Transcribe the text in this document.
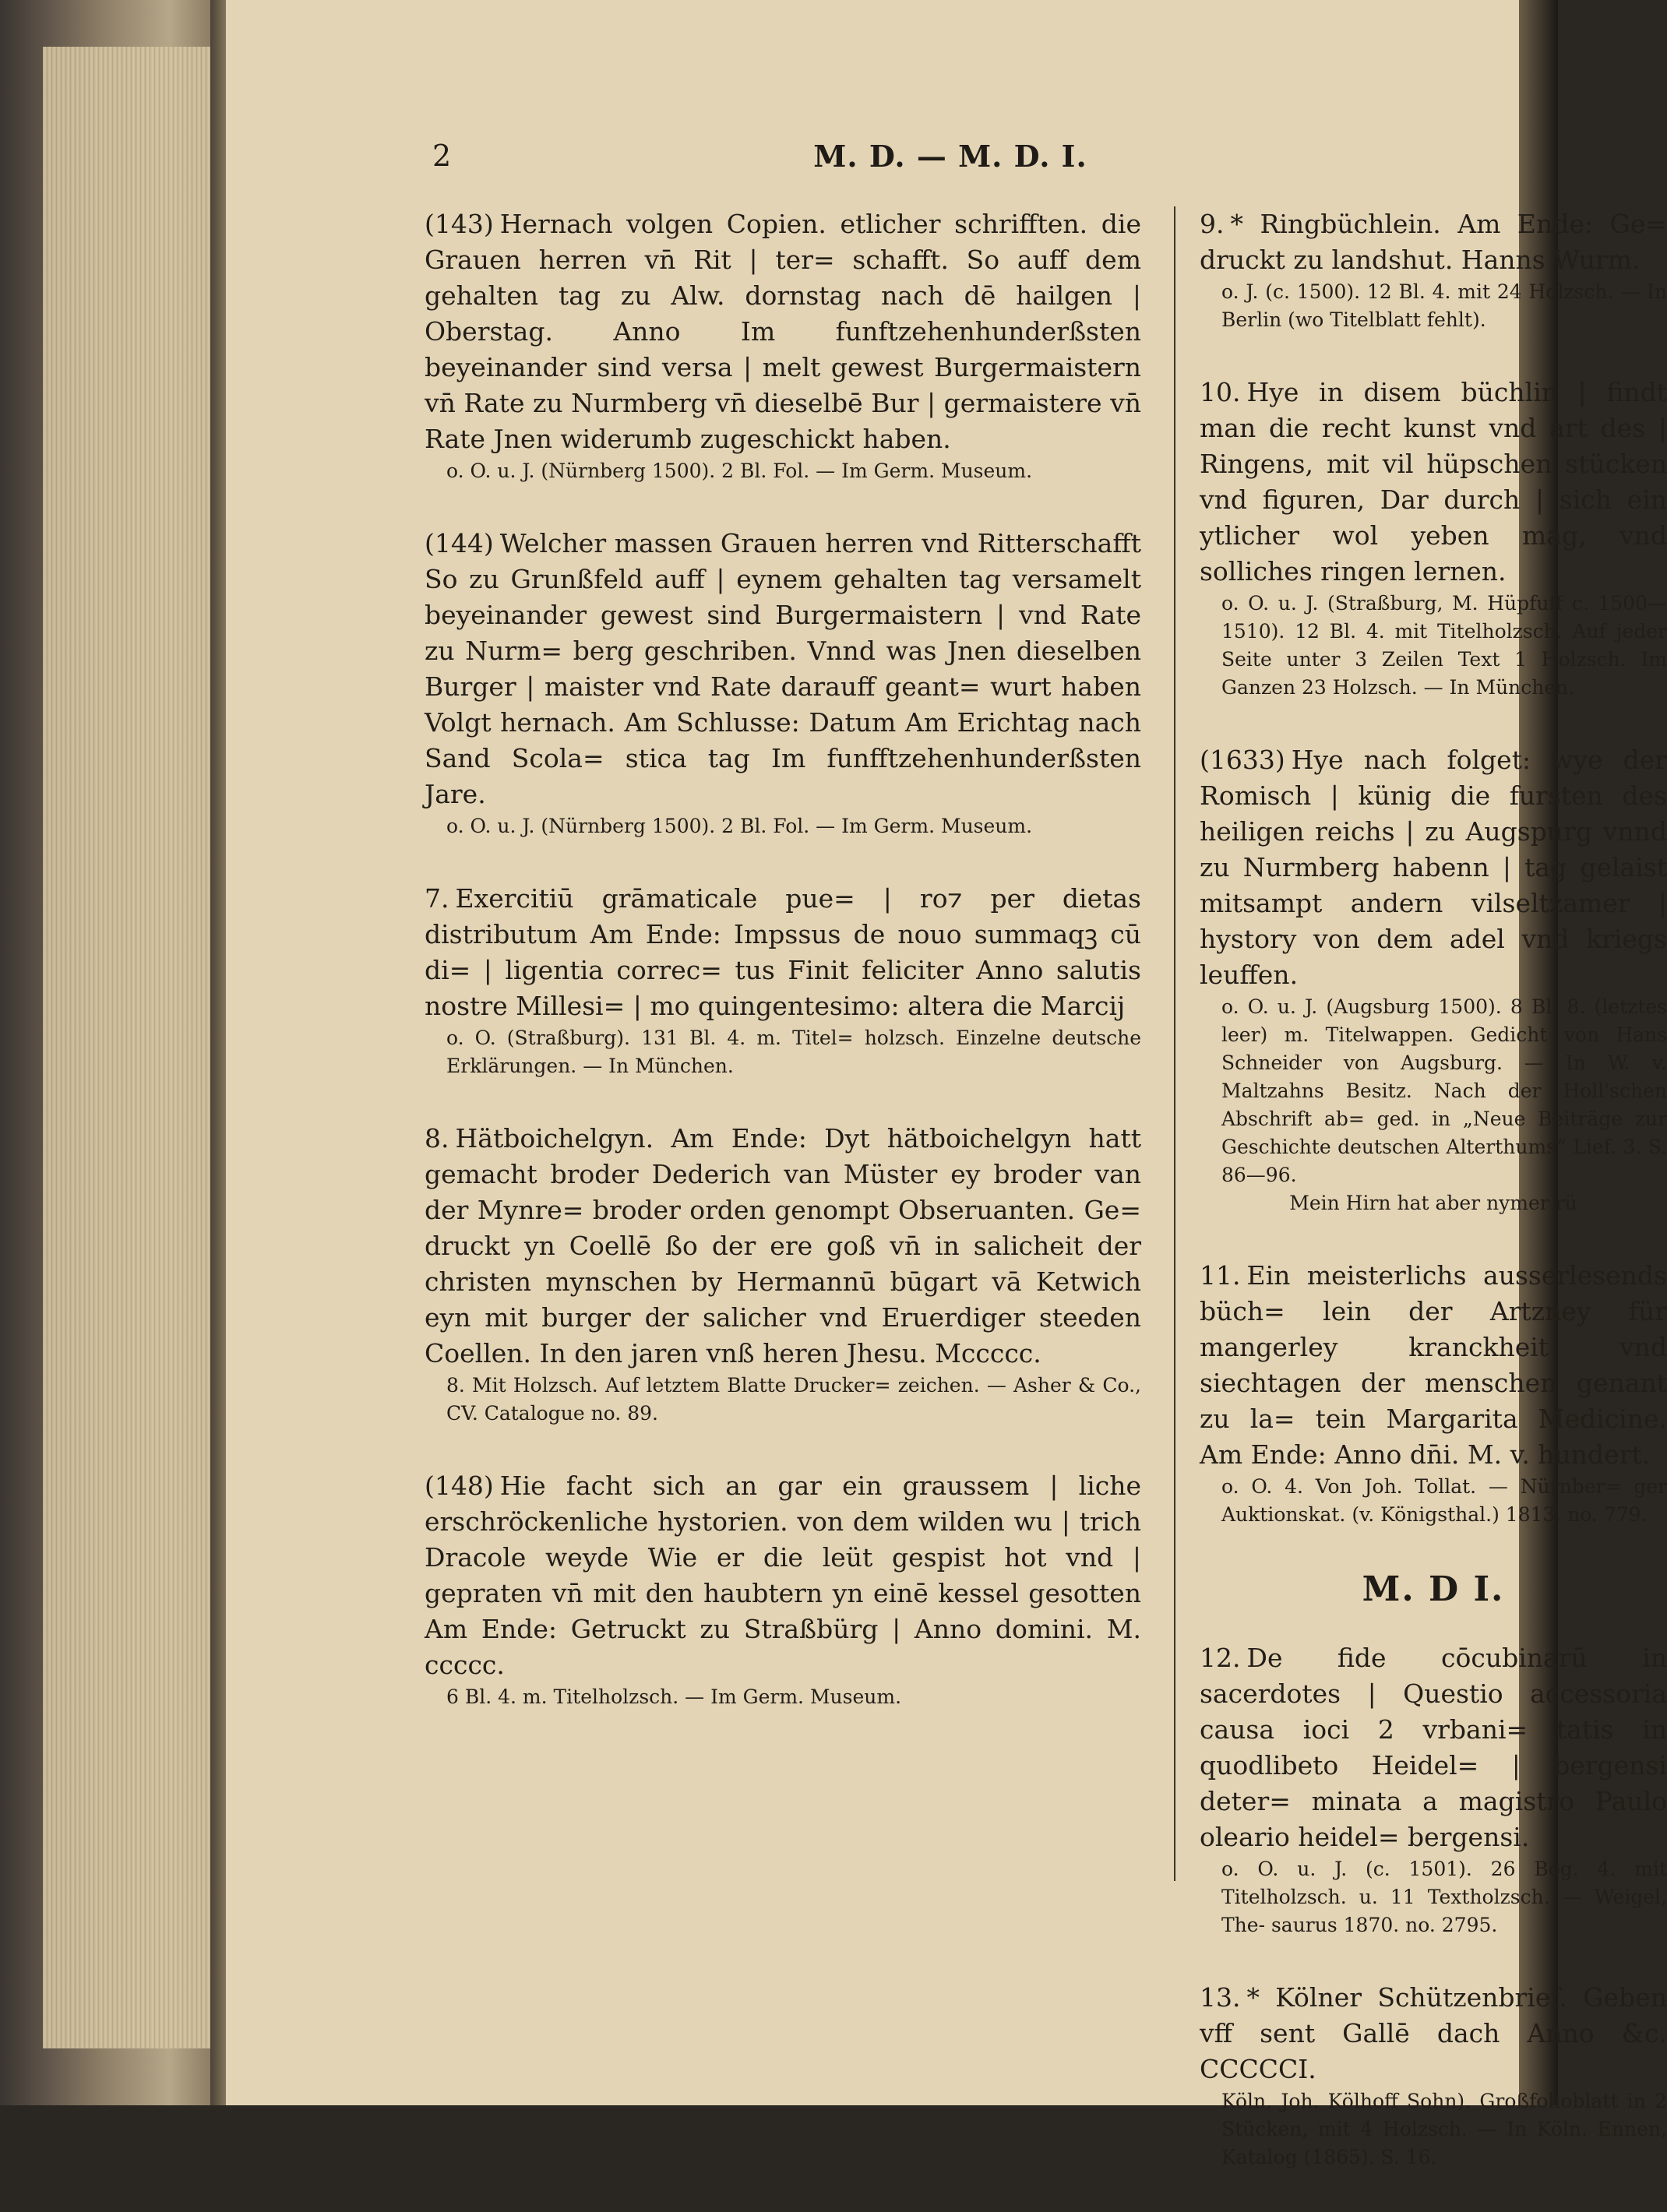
2	M. D. — M. D. I.

(143) Hernach volgen Copien. etlicher schrifften. die Grauen herren vn̄ Rit | ter= schafft. So auff dem gehalten tag zu Alw. dornstag nach dē hailgen | Oberstag. Anno Im funftzehenhunderßsten beyeinander sind versa | melt gewest Burgermaistern vn̄ Rate zu Nurmberg vn̄ dieselbē Bur | germaistere vn̄ Rate Jnen widerumb zugeschickt haben.

o. O. u. J. (Nürnberg 1500). 2 Bl. Fol. — Im Germ. Museum.

(144) Welcher massen Grauen herren vnd Ritterschafft So zu Grunßfeld auff | eynem gehalten tag versamelt beyeinander gewest sind Burgermaistern | vnd Rate zu Nurm= berg geschriben. Vnnd was Jnen dieselben Burger | maister vnd Rate darauff geant= wurt haben Volgt hernach. Am Schlusse: Datum Am Erichtag nach Sand Scola= stica tag Im funfftzehenhunderßsten Jare.

o. O. u. J. (Nürnberg 1500). 2 Bl. Fol. — Im Germ. Museum.

7. Exercitiū grāmaticale pue= | ro⁊ per dietas distributum Am Ende: Impssus de nouo summaqꝫ cū di= | ligentia correc= tus Finit feliciter Anno salutis nostre Millesi= | mo quingentesimo: altera die Marcij

o. O. (Straßburg). 131 Bl. 4. m. Titel= holzsch. Einzelne deutsche Erklärungen. — In München.

8. Hätboichelgyn. Am Ende: Dyt hätboichelgyn hatt gemacht broder Dederich van Müster ey broder van der Mynre= broder orden genompt Obseruanten. Ge= druckt yn Coellē ßo der ere goß vn̄ in salicheit der christen mynschen by Hermannū būgart vā Ketwich eyn mit burger der salicher vnd Eruerdiger steeden Coellen. In den jaren vnß heren Jhesu. Mccccc.

8. Mit Holzsch. Auf letztem Blatte Drucker= zeichen. — Asher & Co., CV. Catalogue no. 89.

(148) Hie facht sich an gar ein graussem | liche erschröckenliche hystorien. von dem wilden wu | trich Dracole weyde Wie er die leüt gespist hot vnd | gepraten vn̄ mit den haubtern yn einē kessel gesotten Am Ende: Getruckt zu Straßbürg | Anno domini. M. ccccc.

6 Bl. 4. m. Titelholzsch. — Im Germ. Museum.

9. * Ringbüchlein. Am Ende: Ge= druckt zu landshut. Hanns Wurm.

o. J. (c. 1500). 12 Bl. 4. mit 24 Holzsch. — In Berlin (wo Titelblatt fehlt).

10. Hye in disem büchlin | findt man die recht kunst vnd art des | Ringens, mit vil hüpschen stücken vnd figuren, Dar durch | sich ein ytlicher wol yeben mag, vnd solliches ringen lernen.

o. O. u. J. (Straßburg, M. Hüpfuff c. 1500—1510). 12 Bl. 4. mit Titelholzsch. Auf jeder Seite unter 3 Zeilen Text 1 Holzsch. Im Ganzen 23 Holzsch. — In München.

(1633) Hye nach folget: wye der Romisch | künig die fursten des heiligen reichs | zu Augspurg vnnd zu Nurmberg habenn | tag gelaist mitsampt andern vilseltzamer | hystory von dem adel vnd kriegs leuffen.

o. O. u. J. (Augsburg 1500). 8 Bl. 8. (letztes leer) m. Titelwappen. Gedicht von Hans Schneider von Augsburg. — In W. v. Maltzahns Besitz. Nach der Holl'schen Abschrift ab= ged. in „Neue Beiträge zur Geschichte deutschen Alterthums“ Lief. 3. S. 86—96.

Mein Hirn hat aber nymer rü

11. Ein meisterlichs ausserlesends büch= lein der Artzney für mangerley kranckheit vnd siechtagen der menschen genant zu la= tein Margarita Medicine. Am Ende: Anno dn̄i. M. v. hundert.

o. O. 4. Von Joh. Tollat. — Nürnber= ger Auktionskat. (v. Königsthal.) 1813. no. 779.

M. D I.

12. De fide cōcubinarū in sacerdotes | Questio accessoria causa ioci 2 vrbani= tatis in quodlibeto Heidel= | bergensi deter= minata a magistro Paulo oleario heidel= bergensi.

o. O. u. J. (c. 1501). 26 Bog. 4. mit Titelholzsch. u. 11 Textholzsch. — Weigel, The- saurus 1870. no. 2795.

13. * Kölner Schützenbrief. Geben vff sent Gallē dach Anno &c. CCCCCI.

Köln, Joh. Kölhoff Sohn). Großfolioblatt in 2 Stücken, mit 4 Holzsch. — In Köln. Ennen, Katalog (1865). S. 16.
